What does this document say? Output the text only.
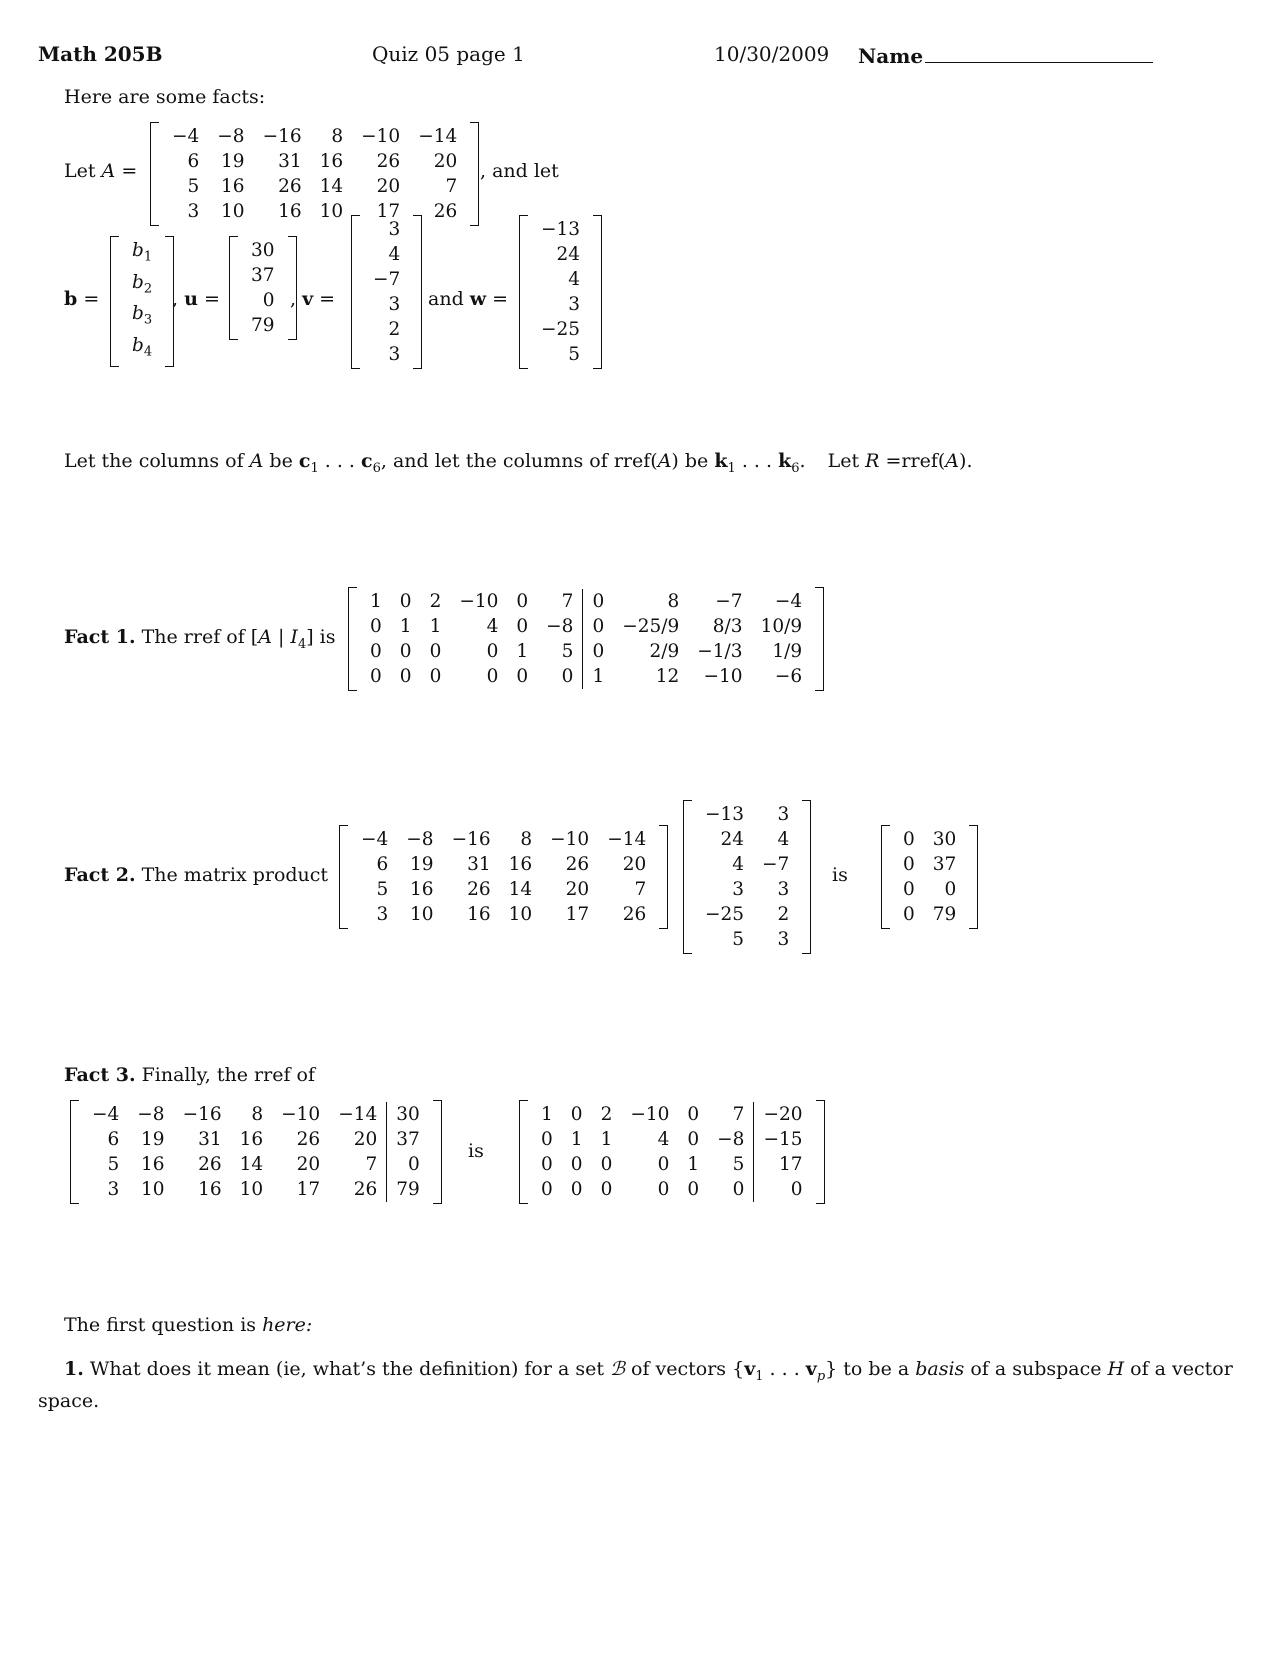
Math 205B	Quiz 05 page 1	10/30/2009 Name
Here are some facts:
Let A =
−4	−8	−16	8	−10	−14
6	19	31	16	26	20
5	16	26	14	20	7
3	10	16	10	17	26
, and let
b =
$b_1$
$b_2$
$b_3$
$b_4$
, u =
30
37
0
79
, v =
3
4
−7
3
2
3
and w =
−13
24
4
3
−25
5
Let the columns of A be $c_1$ . . . $c_6$, and let the columns of rref(A) be $k_1$ . . . $k_6$. Let R =rref(A).
Fact 1. The rref of [A | $I_4$] is
1	0	2	−10	0	7	0	8	−7	−4
0	1	1	4	0	−8	0	−25/9	8/3	10/9
0	0	0	0	1	5	0	2/9	−1/3	1/9
0	0	0	0	0	0	1	12	−10	−6
Fact 2. The matrix product
−4	−8	−16	8	−10	−14
6	19	31	16	26	20
5	16	26	14	20	7
3	10	16	10	17	26
−13	3
24	4
4	−7
3	3
−25	2
5	3
is
0	30
0	37
0	0
0	79
Fact 3. Finally, the rref of
−4	−8	−16	8	−10	−14	30
6	19	31	16	26	20	37
5	16	26	14	20	7	0
3	10	16	10	17	26	79
is
1	0	2	−10	0	7	−20
0	1	1	4	0	−8	−15
0	0	0	0	1	5	17
0	0	0	0	0	0	0
The first question is here:
1. What does it mean (ie, what’s the definition) for a set ℬ of vectors {$v_1$ . . . $v_p$} to be a basis of a subspace H of a vector space.
